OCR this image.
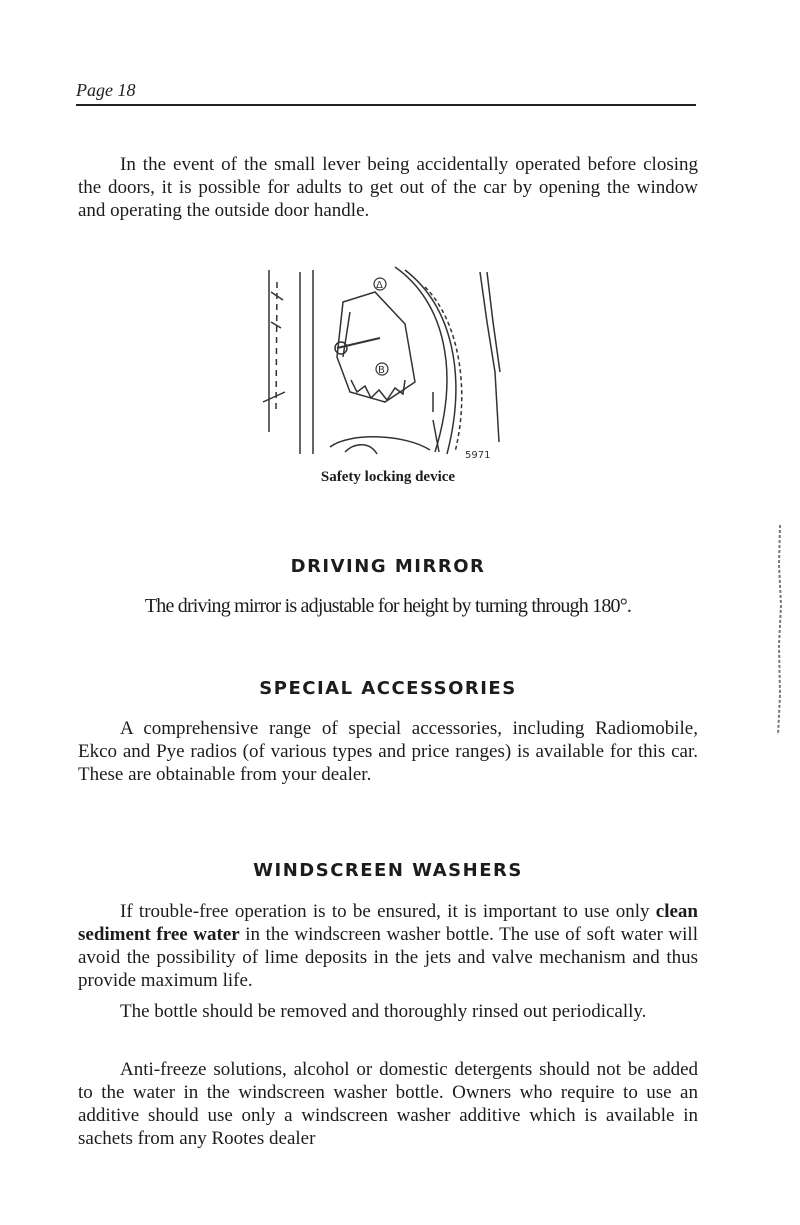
Page 18

In the event of the small lever being accidentally operated before closing the doors, it is possible for adults to get out of the car by opening the window and operating the outside door handle.

Δ
B
5971
Safety locking device
DRIVING MIRROR

The driving mirror is adjustable for height by turning through 180°.

SPECIAL ACCESSORIES

A comprehensive range of special accessories, including Radiomobile, Ekco and Pye radios (of various types and price ranges) is available for this car. These are obtainable from your dealer.

WINDSCREEN WASHERS

If trouble-free operation is to be ensured, it is important to use only clean sediment free water in the windscreen washer bottle. The use of soft water will avoid the possibility of lime deposits in the jets and valve mechanism and thus provide maximum life.

The bottle should be removed and thoroughly rinsed out periodically.

Anti-freeze solutions, alcohol or domestic detergents should not be added to the water in the windscreen washer bottle. Owners who require to use an additive should use only a windscreen washer additive which is available in sachets from any Rootes dealer
